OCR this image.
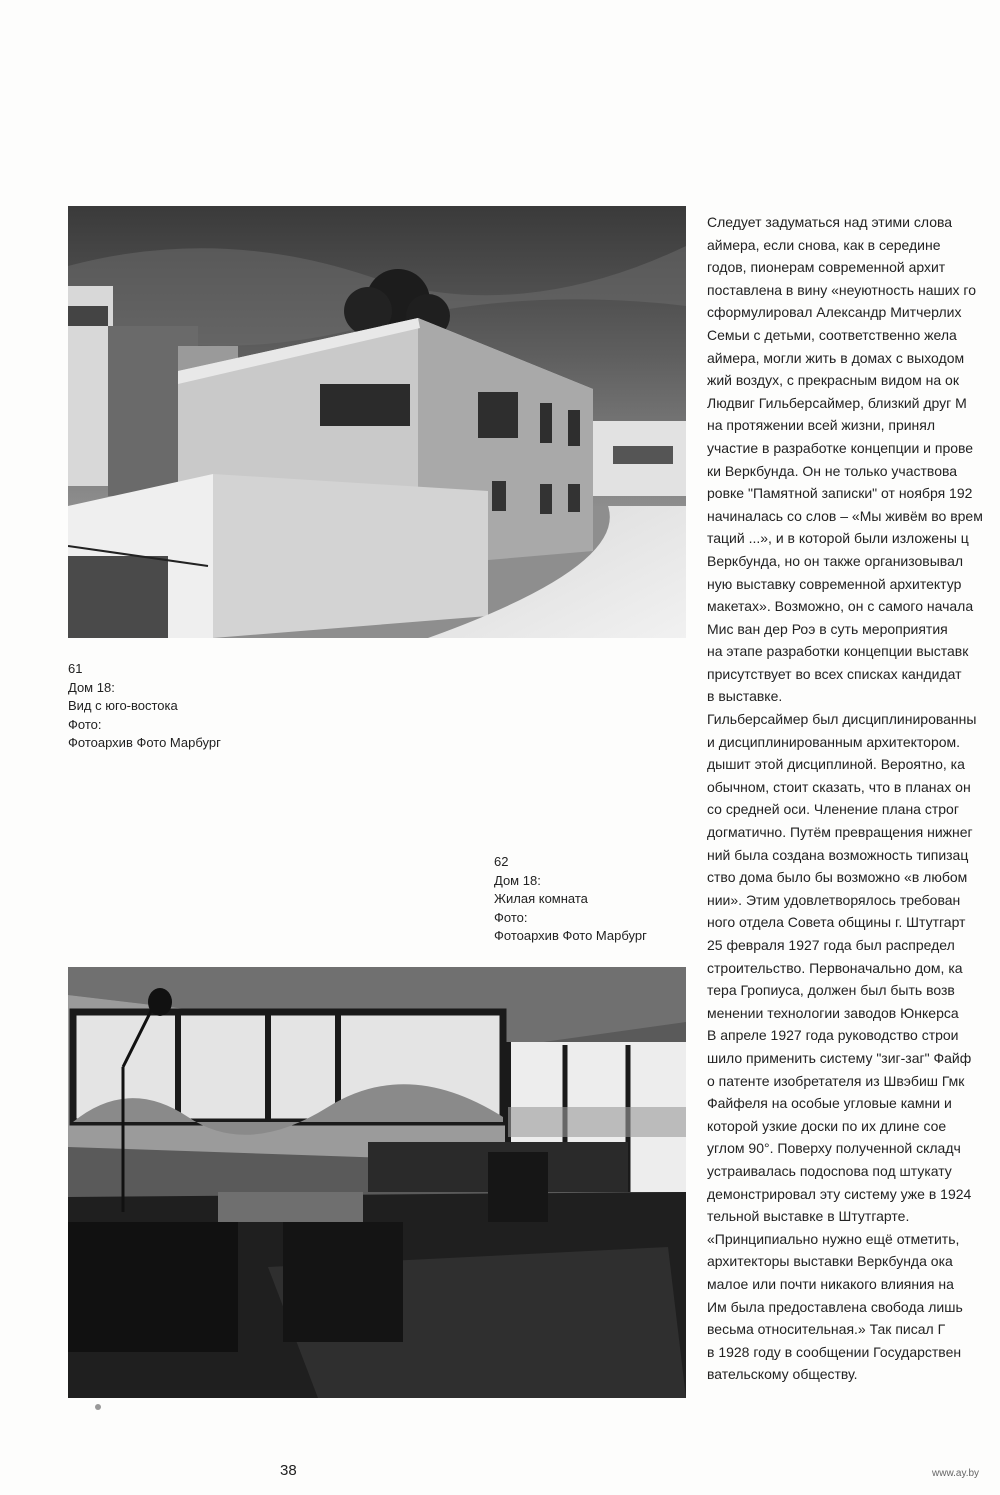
61
Дом 18:
Вид с юго-востока
Фото:
Фотоархив Фото Марбург
62
Дом 18:
Жилая комната
Фото:
Фотоархив Фото Марбург
Следует задуматься над этими слова
аймера, если снова, как в середине
годов, пионерам современной архит
поставлена в вину «неуютность наших го
сформулировал Александр Митчерлих
Семьи с детьми, соответственно жела
аймера, могли жить в домах с выходом
жий воздух, с прекрасным видом на ок
Людвиг Гильберсаймер, близкий друг М
на протяжении всей жизни, принял
участие в разработке концепции и прове
ки Веркбунда. Он не только участвова
ровке "Памятной записки" от ноября 192
начиналась со слов – «Мы живём во врем
таций ...», и в которой были изложены ц
Веркбунда, но он также организовывал
ную выставку современной архитектур
макетах». Возможно, он с самого начала
Мис ван дер Роэ в суть мероприятия
на этапе разработки концепции выставк
присутствует во всех списках кандидат
в выставке.
Гильберсаймер был дисциплинированны
и дисциплинированным архитектором.
дышит этой дисциплиной. Вероятно, ка
обычном, стоит сказать, что в планах он
со средней оси. Членение плана строг
догматично. Путём превращения нижнег
ний была создана возможность типизац
ство дома было бы возможно «в любом
нии». Этим удовлетворялось требован
ного отдела Совета общины г. Штутгарт
25 февраля 1927 года был распредел
строительство. Первоначально дом, ка
тера Гропиуса, должен был быть возв
менении технологии заводов Юнкерса
В апреле 1927 года руководство строи
шило применить систему "зиг-заг" Файф
о патенте изобретателя из Швэбиш Гмк
Файфеля на особые угловые камни и
которой узкие доски по их длине сое
углом 90°. Поверху полученной складч
устраивалась подосnова под штукату
демонстрировал эту систему уже в 1924
тельной выставке в Штутгарте.
«Принципиально нужно ещё отметить,
архитекторы выставки Веркбунда ока
малое или почти никакого влияния на
Им была предоставлена свобода лишь
весьма относительная.» Так писал Г
в 1928 году в сообщении Государствен
вательскому обществу.
38	www.ay.by
